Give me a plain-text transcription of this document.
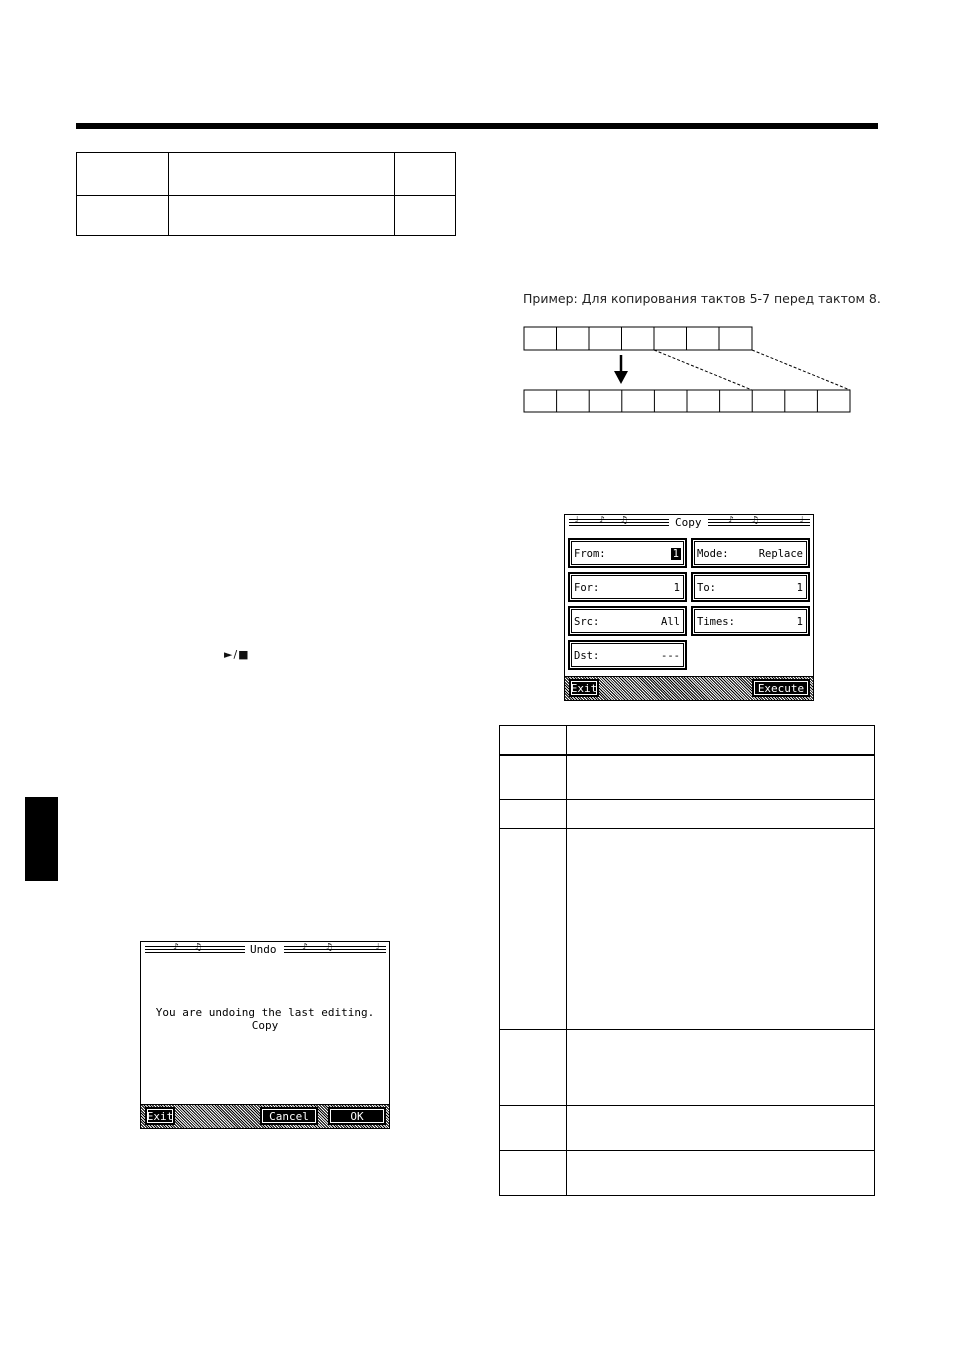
►/■
Пример: Для копирования тактов 5-7 перед тактом 8.
♩ ♪ ♫	Copy	♪ ♫	♩
From:	1 Mode:	Replace
For:	1 To:	1
Src:	All Times:	1
Dst:	---
Exit	Execute
♪ ♫	Undo	♪ ♫	♩
You are undoing the last editing.
Copy
Exit	Cancel	OK
